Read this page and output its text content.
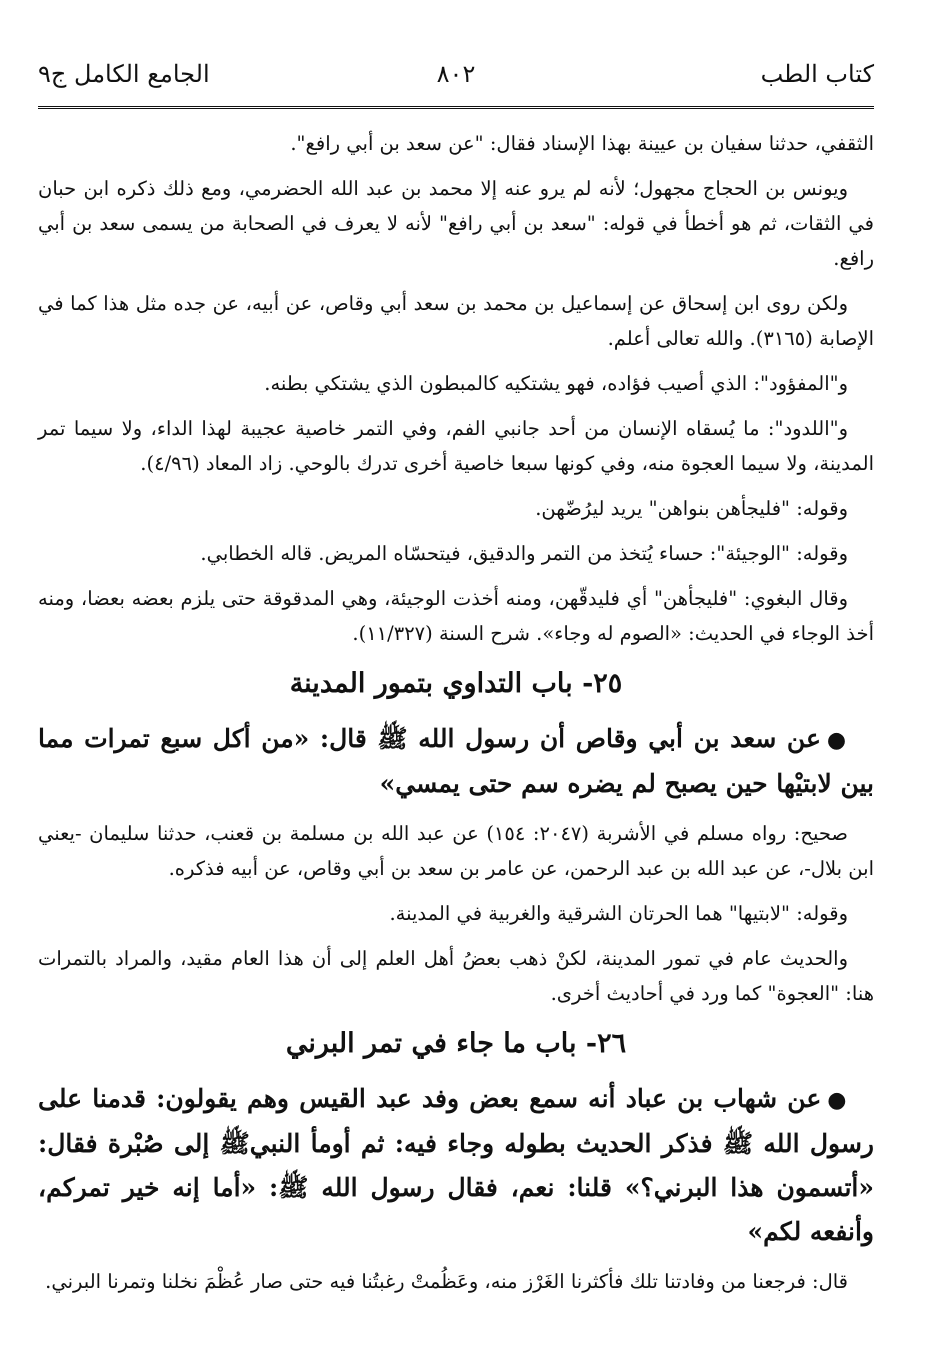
كتاب الطب
٨٠٢
الجامع الكامل ج٩

الثقفي، حدثنا سفيان بن عيينة بهذا الإسناد فقال: "عن سعد بن أبي رافع".

ويونس بن الحجاج مجهول؛ لأنه لم يرو عنه إلا محمد بن عبد الله الحضرمي، ومع ذلك ذكره ابن حبان في الثقات، ثم هو أخطأ في قوله: "سعد بن أبي رافع" لأنه لا يعرف في الصحابة من يسمى سعد بن أبي رافع.

ولكن روى ابن إسحاق عن إسماعيل بن محمد بن سعد أبي وقاص، عن أبيه، عن جده مثل هذا كما في الإصابة (٣١٦٥). والله تعالى أعلم.

و"المفؤود": الذي أصيب فؤاده، فهو يشتكيه كالمبطون الذي يشتكي بطنه.

و"اللدود": ما يُسقاه الإنسان من أحد جانبي الفم، وفي التمر خاصية عجيبة لهذا الداء، ولا سيما تمر المدينة، ولا سيما العجوة منه، وفي كونها سبعا خاصية أخرى تدرك بالوحي. زاد المعاد (٤/٩٦).

وقوله: "فليجأهن بنواهن" يريد ليرُضّهن.

وقوله: "الوجيئة": حساء يُتخذ من التمر والدقيق، فيتحسّاه المريض. قاله الخطابي.

وقال البغوي: "فليجأهن" أي فليدقّهن، ومنه أخذت الوجيئة، وهي المدقوقة حتى يلزم بعضه بعضا، ومنه أخذ الوجاء في الحديث: «الصوم له وجاء». شرح السنة (١١/٣٢٧).

٢٥- باب التداوي بتمور المدينة

●عن سعد بن أبي وقاص أن رسول الله ﷺ قال: «من أكل سبع تمرات مما بين لابتيْها حين يصبح لم يضره سم حتى يمسي»

صحيح: رواه مسلم في الأشربة (٢٠٤٧: ١٥٤) عن عبد الله بن مسلمة بن قعنب، حدثنا سليمان -يعني ابن بلال-، عن عبد الله بن عبد الرحمن، عن عامر بن سعد بن أبي وقاص، عن أبيه فذكره.

وقوله: "لابتيها" هما الحرتان الشرقية والغربية في المدينة.

والحديث عام في تمور المدينة، لكنْ ذهب بعضُ أهل العلم إلى أن هذا العام مقيد، والمراد بالتمرات هنا: "العجوة" كما ورد في أحاديث أخرى.

٢٦- باب ما جاء في تمر البرني

●عن شهاب بن عباد أنه سمع بعض وفد عبد القيس وهم يقولون: قدمنا على رسول الله ﷺ فذكر الحديث بطوله وجاء فيه: ثم أومأ النبيﷺ إلى صُبْرة فقال: «أتسمون هذا البرني؟» قلنا: نعم، فقال رسول الله ﷺ: «أما إنه خير تمركم، وأنفعه لكم»

قال: فرجعنا من وفادتنا تلك فأكثرنا الغَرْز منه، وعَظُمتْ رغبتُنا فيه حتى صار عُظْمَ نخلنا وتمرنا البرني.
